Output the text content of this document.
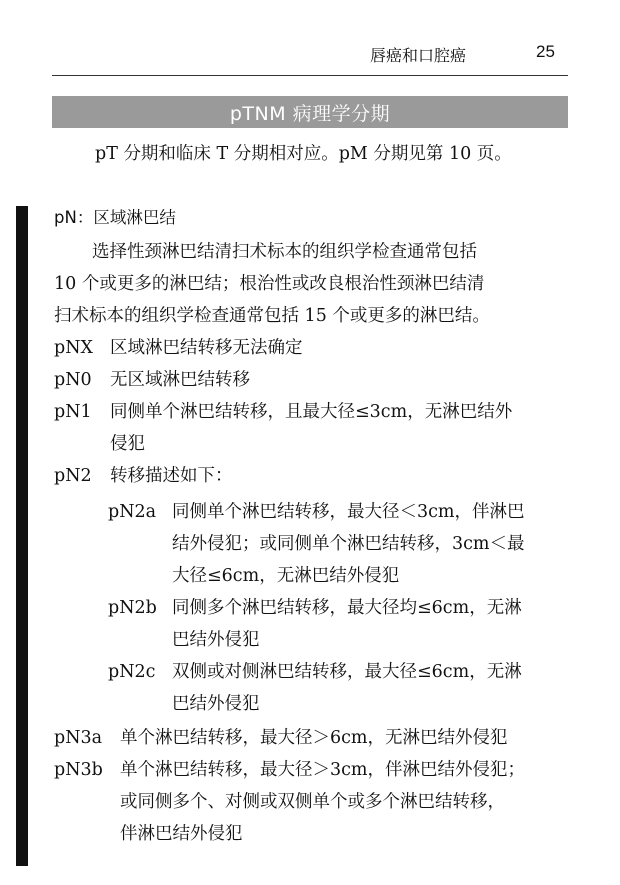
唇癌和口腔癌	25
pTNM 病理学分期
pT 分期和临床 T 分期相对应。pM 分期见第 10 页。
pN：区域淋巴结
选择性颈淋巴结清扫术标本的组织学检查通常包括
10 个或更多的淋巴结；根治性或改良根治性颈淋巴结清
扫术标本的组织学检查通常包括 15 个或更多的淋巴结。
pNX 区域淋巴结转移无法确定
pN0 无区域淋巴结转移
pN1 同侧单个淋巴结转移，且最大径≤3cm，无淋巴结外
侵犯
pN2 转移描述如下：
pN2a 同侧单个淋巴结转移，最大径＜3cm，伴淋巴
结外侵犯；或同侧单个淋巴结转移，3cm＜最
大径≤6cm，无淋巴结外侵犯
pN2b 同侧多个淋巴结转移，最大径均≤6cm，无淋
巴结外侵犯
pN2c 双侧或对侧淋巴结转移，最大径≤6cm，无淋
巴结外侵犯
pN3a 单个淋巴结转移，最大径＞6cm，无淋巴结外侵犯
pN3b 单个淋巴结转移，最大径＞3cm，伴淋巴结外侵犯；
或同侧多个、对侧或双侧单个或多个淋巴结转移，
伴淋巴结外侵犯
